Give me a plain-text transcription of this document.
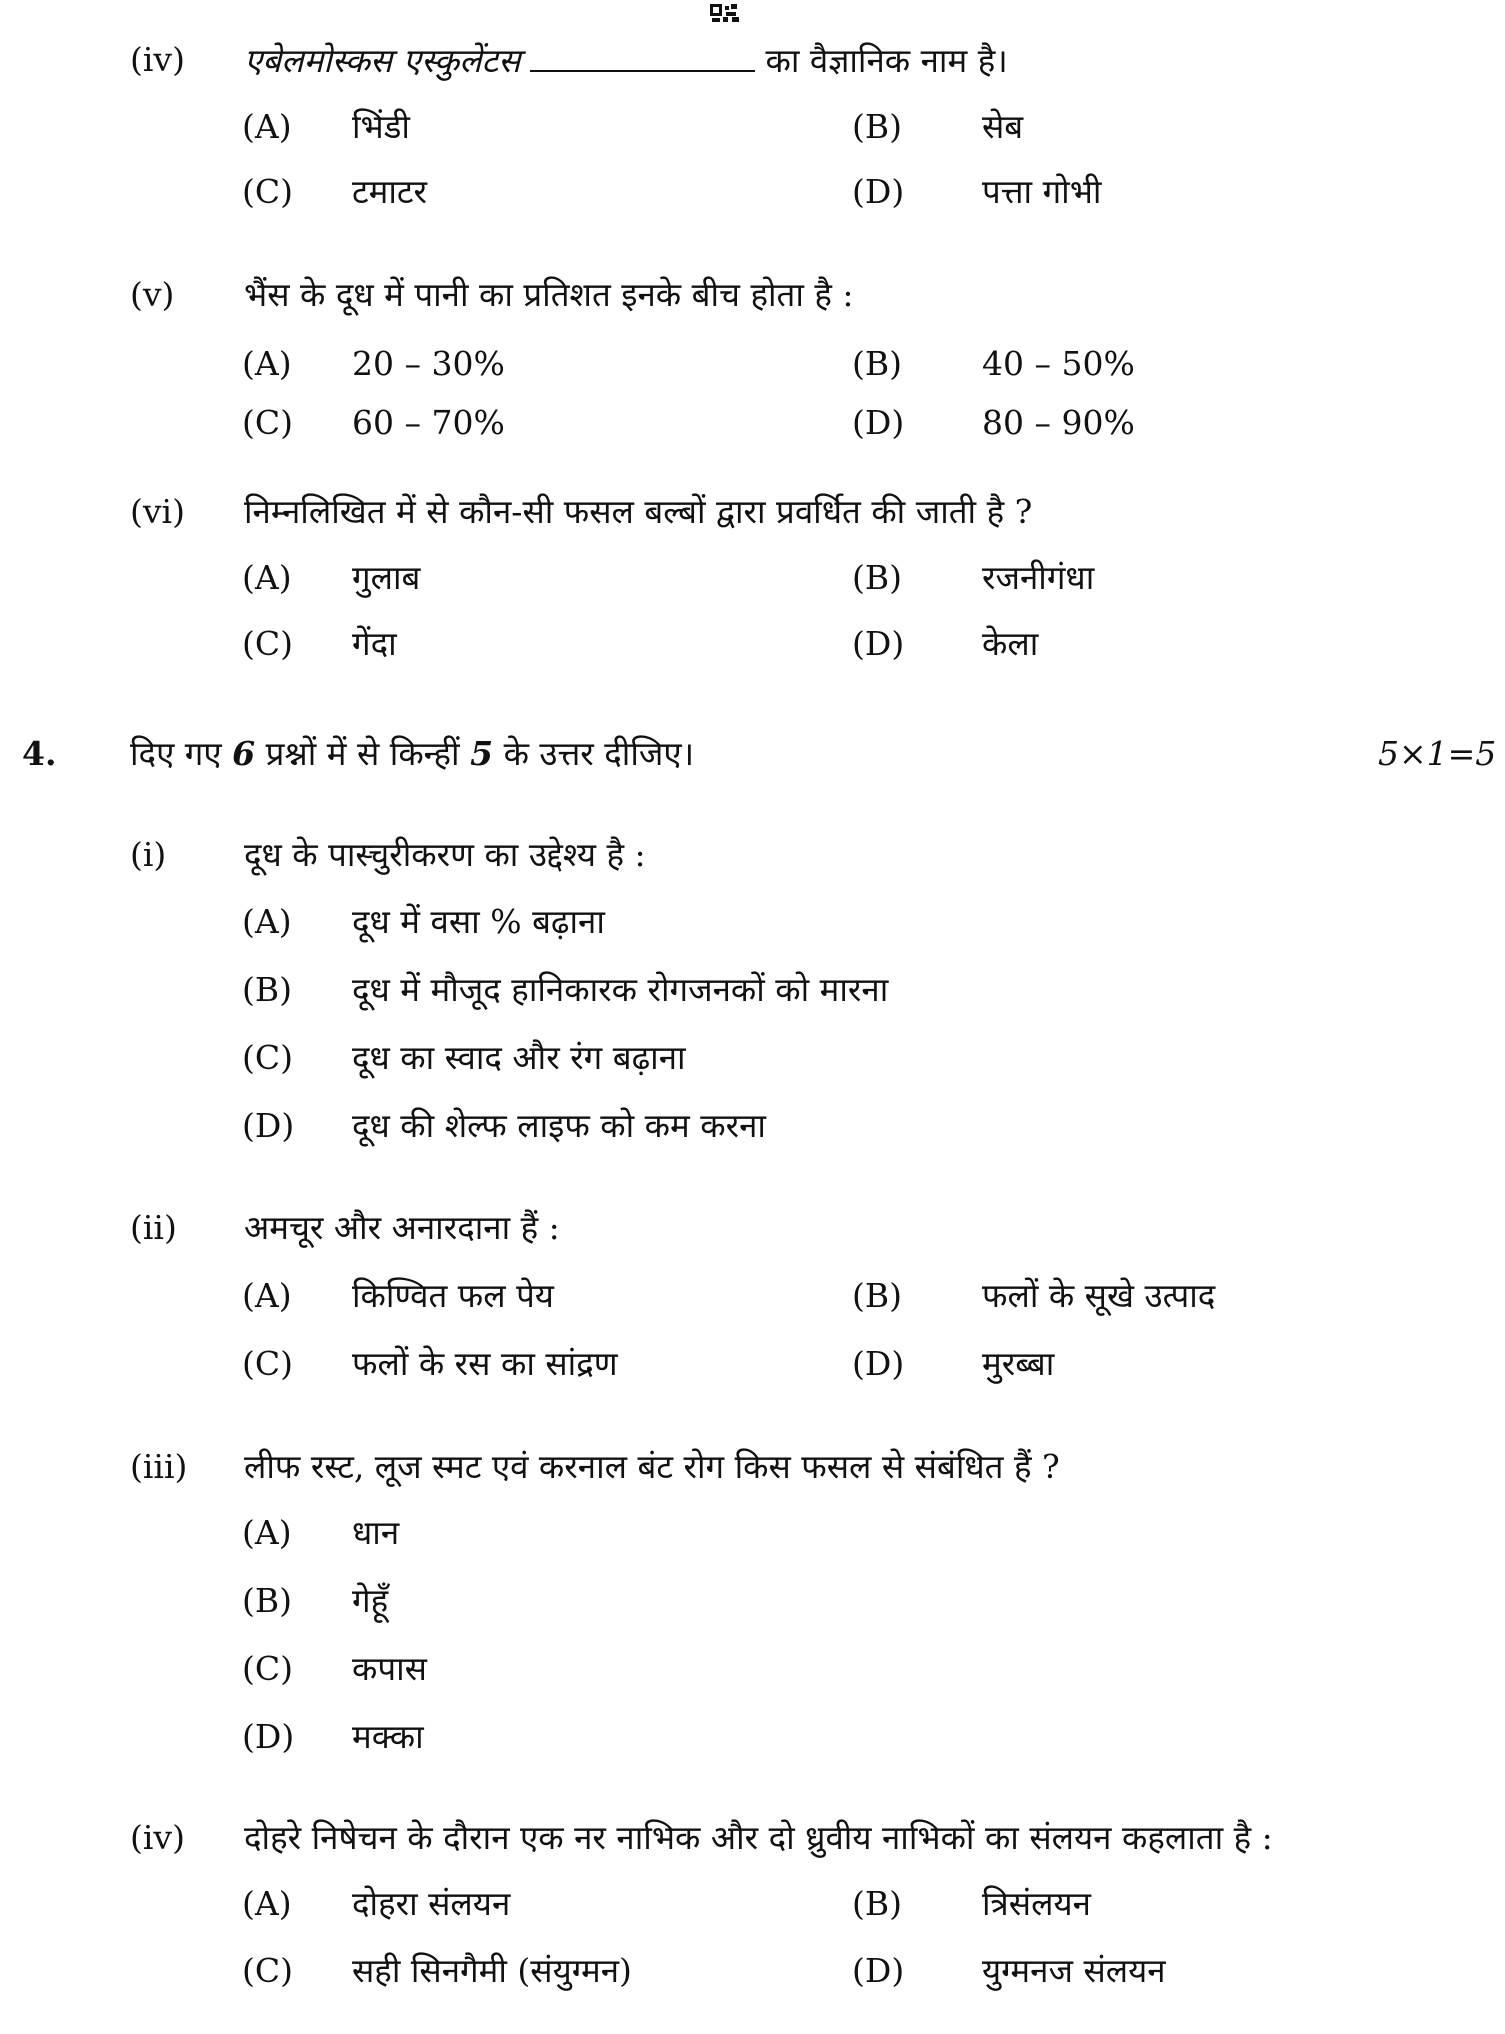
(iv) एबेलमोस्कस एस्कुलेंटस	का वैज्ञानिक नाम है।
(A) भिंडी	(B) सेब
(C) टमाटर	(D) पत्ता गोभी
(v) भैंस के दूध में पानी का प्रतिशत इनके बीच होता है :
(A) 20 – 30%	(B) 40 – 50%
(C) 60 – 70%	(D) 80 – 90%
(vi) निम्नलिखित में से कौन-सी फसल बल्बों द्वारा प्रवर्धित की जाती है ?
(A) गुलाब	(B) रजनीगंधा
(C) गेंदा	(D) केला
4. दिए गए 6 प्रश्नों में से किन्हीं 5 के उत्तर दीजिए।	5×1=5
(i) दूध के पास्चुरीकरण का उद्देश्य है :
(A) दूध में वसा % बढ़ाना
(B) दूध में मौजूद हानिकारक रोगजनकों को मारना
(C) दूध का स्वाद और रंग बढ़ाना
(D) दूध की शेल्फ लाइफ को कम करना
(ii) अमचूर और अनारदाना हैं :
(A) किण्वित फल पेय	(B) फलों के सूखे उत्पाद
(C) फलों के रस का सांद्रण	(D) मुरब्बा
(iii) लीफ रस्ट, लूज स्मट एवं करनाल बंट रोग किस फसल से संबंधित हैं ?
(A) धान
(B) गेहूँ
(C) कपास
(D) मक्का
(iv) दोहरे निषेचन के दौरान एक नर नाभिक और दो ध्रुवीय नाभिकों का संलयन कहलाता है :
(A) दोहरा संलयन	(B) त्रिसंलयन
(C) सही सिनगैमी (संयुग्मन)	(D) युग्मनज संलयन
